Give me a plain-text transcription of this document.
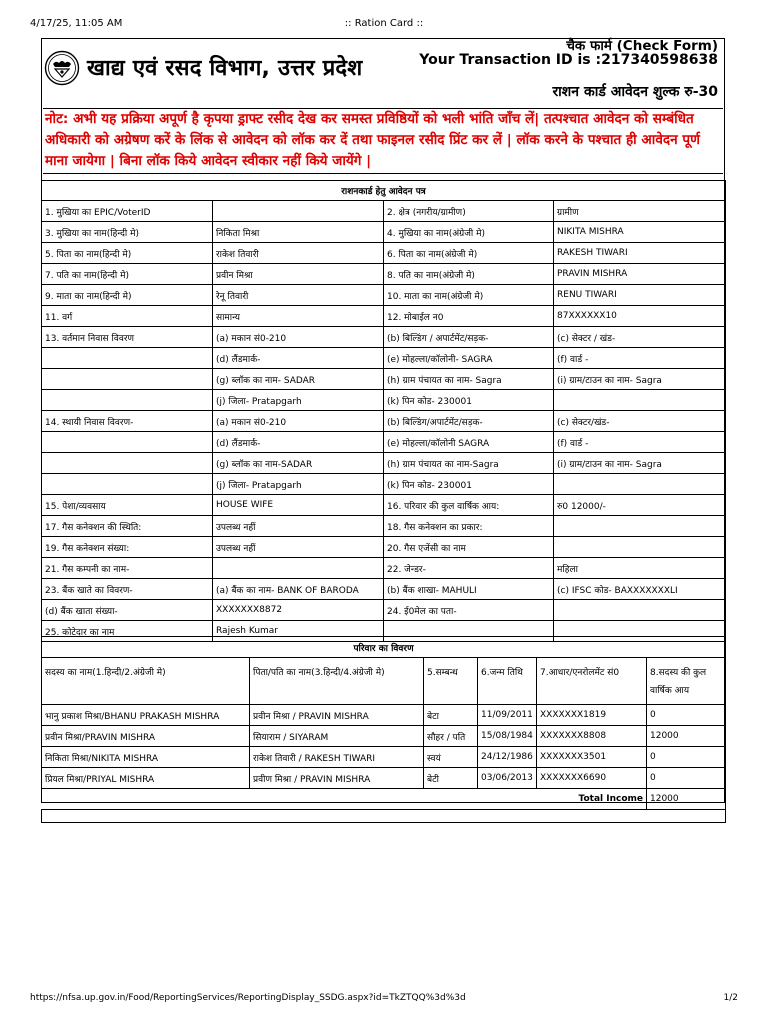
4/17/25, 11:05 AM	:: Ration Card ::
खाद्य एवं रसद विभाग, उत्तर प्रदेश
चैक फार्म (Check Form)
Your Transaction ID is :217340598638
राशन कार्ड आवेदन शुल्क रु-30
नोट: अभी यह प्रक्रिया अपूर्ण है कृपया ड्राफ्ट रसीद देख कर समस्त प्रविष्ठियों को भली भांति जाँच लें| तत्पश्चात आवेदन को सम्बंधित अधिकारी को अग्रेषण करें के लिंक से आवेदन को लॉक कर दें तथा फाइनल रसीद प्रिंट कर लें | लॉक करने के पश्चात ही आवेदन पूर्ण माना जायेगा | बिना लॉक किये आवेदन स्वीकार नहीं किये जायेंगे |
राशनकार्ड हेतु आवेदन पत्र			
1. मुखिया का EPIC/VoterID		2. क्षेत्र (नगरीय/ग्रामीण)	ग्रामीण
3. मुखिया का नाम(हिन्दी मे)	निकिता मिश्रा	4. मुखिया का नाम(अंग्रेजी मे)	NIKITA MISHRA
5. पिता का नाम(हिन्दी मे)	राकेश तिवारी	6. पिता का नाम(अंग्रेजी मे)	RAKESH TIWARI
7. पति का नाम(हिन्दी मे)	प्रवीन मिश्रा	8. पति का नाम(अंग्रेजी मे)	PRAVIN MISHRA
9. माता का नाम(हिन्दी मे)	रेनू तिवारी	10. माता का नाम(अंग्रेजी मे)	RENU TIWARI
11. वर्ग	सामान्य	12. मोबाईल न0	87XXXXXX10
13. वर्तमान निवास विवरण	(a) मकान सं0-210	(b) बिल्डिंग / अपार्टमेंट/सड़क-	(c) सेक्टर / खंड-
	(d) लैंडमार्क-	(e) मोहल्ला/कॉलोनी- SAGRA	(f) वार्ड -
	(g) ब्लॉक का नाम- SADAR	(h) ग्राम पंचायत का नाम- Sagra	(i) ग्राम/टाउन का नाम- Sagra
	(j) जिला- Pratapgarh	(k) पिन कोड- 230001	
14. स्थायी निवास विवरण-	(a) मकान सं0-210	(b) बिल्डिंग/अपार्टमेंट/सड़क-	(c) सेक्टर/खंड-
	(d) लैंडमार्क-	(e) मोहल्ला/कॉलोनी SAGRA	(f) वार्ड -
	(g) ब्लॉक का नाम-SADAR	(h) ग्राम पंचायत का नाम-Sagra	(i) ग्राम/टाउन का नाम- Sagra
	(j) जिला- Pratapgarh	(k) पिन कोड- 230001	
15. पेशा/व्यवसाय	HOUSE WIFE	16. परिवार की कुल वार्षिक आय:	रु0 12000/-
17. गैस कनेक्शन की स्थिति:	उपलब्ध नहीं	18. गैस कनेक्शन का प्रकार:	
19. गैस कनेक्शन संख्या:	उपलब्ध नहीं	20. गैस एजेंसी का नाम	
21. गैस कम्पनी का नाम-		22. जेन्डर-	महिला
23. बैंक खाते का विवरण-	(a) बैंक का नाम- BANK OF BARODA	(b) बैंक शाखा- MAHULI	(c) IFSC कोड- BAXXXXXXXLI
(d) बैंक खाता संख्या-	XXXXXXX8872	24. ई0मेल का पता-	
25. कोटेदार का नाम	Rajesh Kumar		
परिवार का विवरण					
सदस्य का नाम(1.हिन्दी/2.अंग्रेजी मे)	पिता/पति का नाम(3.हिन्दी/4.अंग्रेजी मे)	5.सम्बन्ध	6.जन्म तिथि	7.आधार/एनरोलमेंट सं0	8.सदस्य की कुल वार्षिक आय
भानु प्रकाश मिश्रा/BHANU PRAKASH MISHRA	प्रवीन मिश्रा / PRAVIN MISHRA	बेटा	11/09/2011	XXXXXXX1819	0
प्रवीन मिश्रा/PRAVIN MISHRA	सियाराम / SIYARAM	सौहर / पति	15/08/1984	XXXXXXX8808	12000
निकिता मिश्रा/NIKITA MISHRA	राकेश तिवारी / RAKESH TIWARI	स्वयं	24/12/1986	XXXXXXX3501	0
प्रियल मिश्रा/PRIYAL MISHRA	प्रवीण मिश्रा / PRAVIN MISHRA	बेटी	03/06/2013	XXXXXXX6690	0
Total Income					12000

https://nfsa.up.gov.in/Food/ReportingServices/ReportingDisplay_SSDG.aspx?id=TkZTQQ%3d%3d	1/2
